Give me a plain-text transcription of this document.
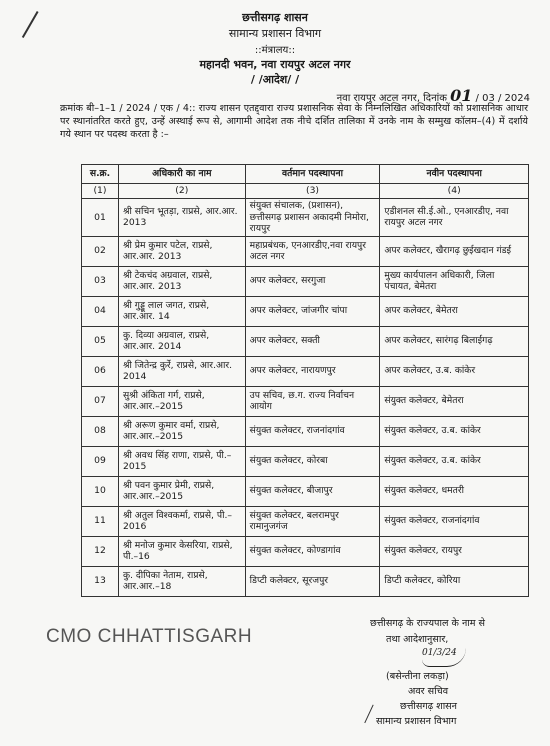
छत्तीसगढ़ शासन
सामान्य प्रशासन विभाग
::मंत्रालय::
महानदी भवन, नवा रायपुर अटल नगर
/ /आदेश/ /
नवा रायपुर अटल नगर, दिनांक 01 / 03 / 2024
क्रमांक बी–1–1 / 2024 / एक / 4:: राज्य शासन एतद्द्वारा राज्य प्रशासनिक सेवा के निम्नलिखित अधिकारियों को प्रशासनिक आधार पर स्थानांतरित करते हुए, उन्हें अस्थाई रूप से, आगामी आदेश तक नीचे दर्शित तालिका में उनके नाम के सम्मुख कॉलम–(4) में दर्शाये गये स्थान पर पदस्थ करता है :–
स.क्र.	अधिकारी का नाम	वर्तमान पदस्थापना	नवीन पदस्थापना
(1)	(2)	(3)	(4)
01	श्री सचिन भूतड़ा, राप्रसे, आर.आर. 2013	संयुक्त संचालक, (प्रशासन), छत्तीसगढ़ प्रशासन अकादमी निमोरा, रायपुर	एडीशनल सी.ई.ओ., एनआरडीए, नवा रायपुर अटल नगर
02	श्री प्रेम कुमार पटेल, राप्रसे, आर.आर. 2013	महाप्रबंधक, एनआरडीए,नवा रायपुर अटल नगर	अपर कलेक्टर, खैरागढ़ छुईखदान गंडई
03	श्री टेकचंद अग्रवाल, राप्रसे, आर.आर. 2013	अपर कलेक्टर, सरगुजा	मुख्य कार्यपालन अधिकारी, जिला पंचायत, बेमेतरा
04	श्री गुड्डू लाल जगत, राप्रसे, आर.आर. 14	अपर कलेक्टर, जांजगीर चांपा	अपर कलेक्टर, बेमेतरा
05	कु. दिव्या अग्रवाल, राप्रसे, आर.आर. 2014	अपर कलेक्टर, सक्ती	अपर कलेक्टर, सारंगढ़ बिलाईगढ़
06	श्री जितेन्द्र कुर्रे, राप्रसे, आर.आर. 2014	अपर कलेक्टर, नारायणपुर	अपर कलेक्टर, उ.ब. कांकेर
07	सुश्री अंकिता गर्ग, राप्रसे, आर.आर.–2015	उप सचिव, छ.ग. राज्य निर्वाचन आयोग	संयुक्त कलेक्टर, बेमेतरा
08	श्री अरूण कुमार वर्मा, राप्रसे, आर.आर.–2015	संयुक्त कलेक्टर, राजनांदगांव	संयुक्त कलेक्टर, उ.ब. कांकेर
09	श्री अवध सिंह राणा, राप्रसे, पी.–2015	संयुक्त कलेक्टर, कोरबा	संयुक्त कलेक्टर, उ.ब. कांकेर
10	श्री पवन कुमार प्रेमी, राप्रसे, आर.आर.–2015	संयुक्त कलेक्टर, बीजापुर	संयुक्त कलेक्टर, धमतरी
11	श्री अतुल विश्वकर्मा, राप्रसे, पी.–2016	संयुक्त कलेक्टर, बलरामपुर रामानुजगंज	संयुक्त कलेक्टर, राजनांदगांव
12	श्री मनोज कुमार केसरिया, राप्रसे, पी.–16	संयुक्त कलेक्टर, कोण्डागांव	संयुक्त कलेक्टर, रायपुर
13	कु. दीपिका नेताम, राप्रसे, आर.आर.–18	डिप्टी कलेक्टर, सूरजपुर	डिप्टी कलेक्टर, कोरिया
CMO CHHATTISGARH
छत्तीसगढ़ के राज्यपाल के नाम से
तथा आदेशानुसार,
01/3/24
(बसेन्तीना लकड़ा)
अवर सचिव
छत्तीसगढ़ शासन
सामान्य प्रशासन विभाग
